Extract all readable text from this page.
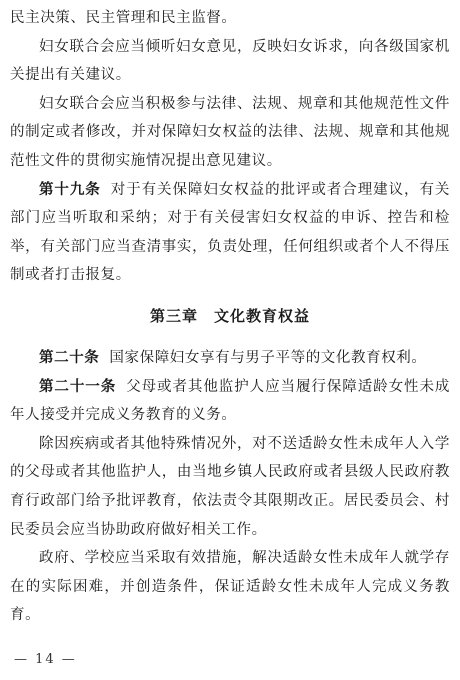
民主决策、民主管理和民主监督。

妇女联合会应当倾听妇女意见，反映妇女诉求，向各级国家机关提出有关建议。

妇女联合会应当积极参与法律、法规、规章和其他规范性文件的制定或者修改，并对保障妇女权益的法律、法规、规章和其他规范性文件的贯彻实施情况提出意见建议。

第十九条 对于有关保障妇女权益的批评或者合理建议，有关部门应当听取和采纳；对于有关侵害妇女权益的申诉、控告和检举，有关部门应当查清事实，负责处理，任何组织或者个人不得压制或者打击报复。

第三章 文化教育权益

第二十条 国家保障妇女享有与男子平等的文化教育权利。

第二十一条 父母或者其他监护人应当履行保障适龄女性未成年人接受并完成义务教育的义务。

除因疾病或者其他特殊情况外，对不送适龄女性未成年人入学的父母或者其他监护人，由当地乡镇人民政府或者县级人民政府教育行政部门给予批评教育，依法责令其限期改正。居民委员会、村民委员会应当协助政府做好相关工作。

政府、学校应当采取有效措施，解决适龄女性未成年人就学存在的实际困难，并创造条件，保证适龄女性未成年人完成义务教育。

— 14 —
